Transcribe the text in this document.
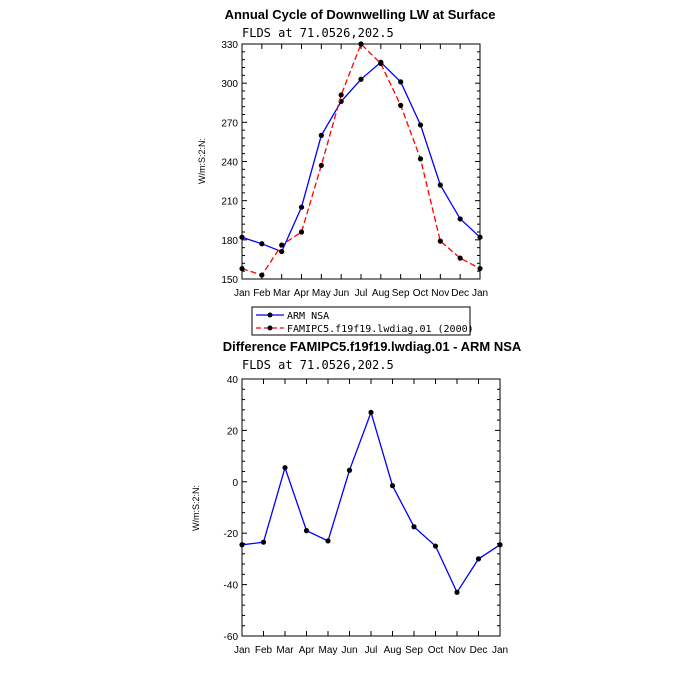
Annual Cycle of Downwelling LW at Surface
FLDS at 71.0526,202.5
150
180
210
240
270
300
330
Jan Feb Mar Apr May Jun Jul Aug Sep Oct Nov Dec Jan
W/m:S:2:N:
ARM NSA
FAMIPC5.f19f19.lwdiag.01 (2000)
Difference FAMIPC5.f19f19.lwdiag.01 - ARM NSA
FLDS at 71.0526,202.5
-60
-40
-20
0
20
40
Jan Feb Mar Apr May Jun Jul Aug Sep Oct Nov Dec Jan
W/m:S:2:N:
